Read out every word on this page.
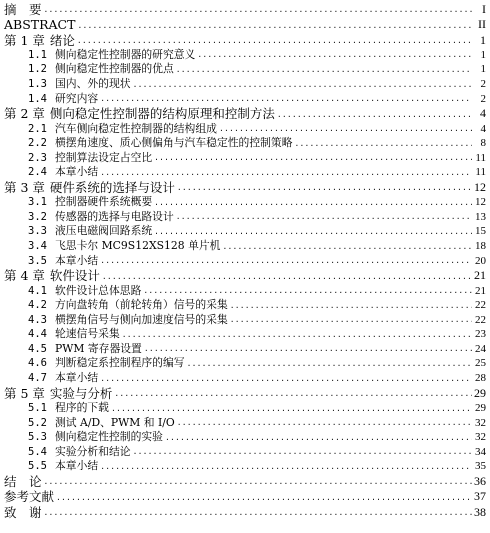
摘　要 .....	I
ABSTRACT .....	II
第 1 章 绪论 .....	1
1.1 侧向稳定性控制器的研究意义 .....	1
1.2 侧向稳定性控制器的优点 .....	1
1.3 国内、外的现状 .....	2
1.4 研究内容 .....	2
第 2 章 侧向稳定性控制器的结构原理和控制方法 .....	4
2.1 汽车侧向稳定性控制器的结构组成 .....	4
2.2 横摆角速度、质心侧偏角与汽车稳定性的控制策略 .....	8
2.3 控制算法设定占空比 .....	11
2.4 本章小结 .....	11
第 3 章 硬件系统的选择与设计 .....	12
3.1 控制器硬件系统概要 .....	12
3.2 传感器的选择与电路设计 .....	13
3.3 液压电磁阀回路系统 .....	15
3.4 飞思卡尔 MC9S12XS128 单片机 .....	18
3.5 本章小结 .....	20
第 4 章 软件设计 .....	21
4.1 软件设计总体思路 .....	21
4.2 方向盘转角（前轮转角）信号的采集 .....	22
4.3 横摆角信号与侧向加速度信号的采集 .....	22
4.4 轮速信号采集 .....	23
4.5 PWM 寄存器设置 .....	24
4.6 判断稳定系控制程序的编写 .....	25
4.7 本章小结 .....	28
第 5 章 实验与分析 .....	29
5.1 程序的下载 .....	29
5.2 测试 A/D、PWM 和 I/O .....	32
5.3 侧向稳定性控制的实验 .....	32
5.4 实验分析和结论 .....	34
5.5 本章小结 .....	35
结　论 .....	36
参考文献 .....	37
致　谢 .....	38
